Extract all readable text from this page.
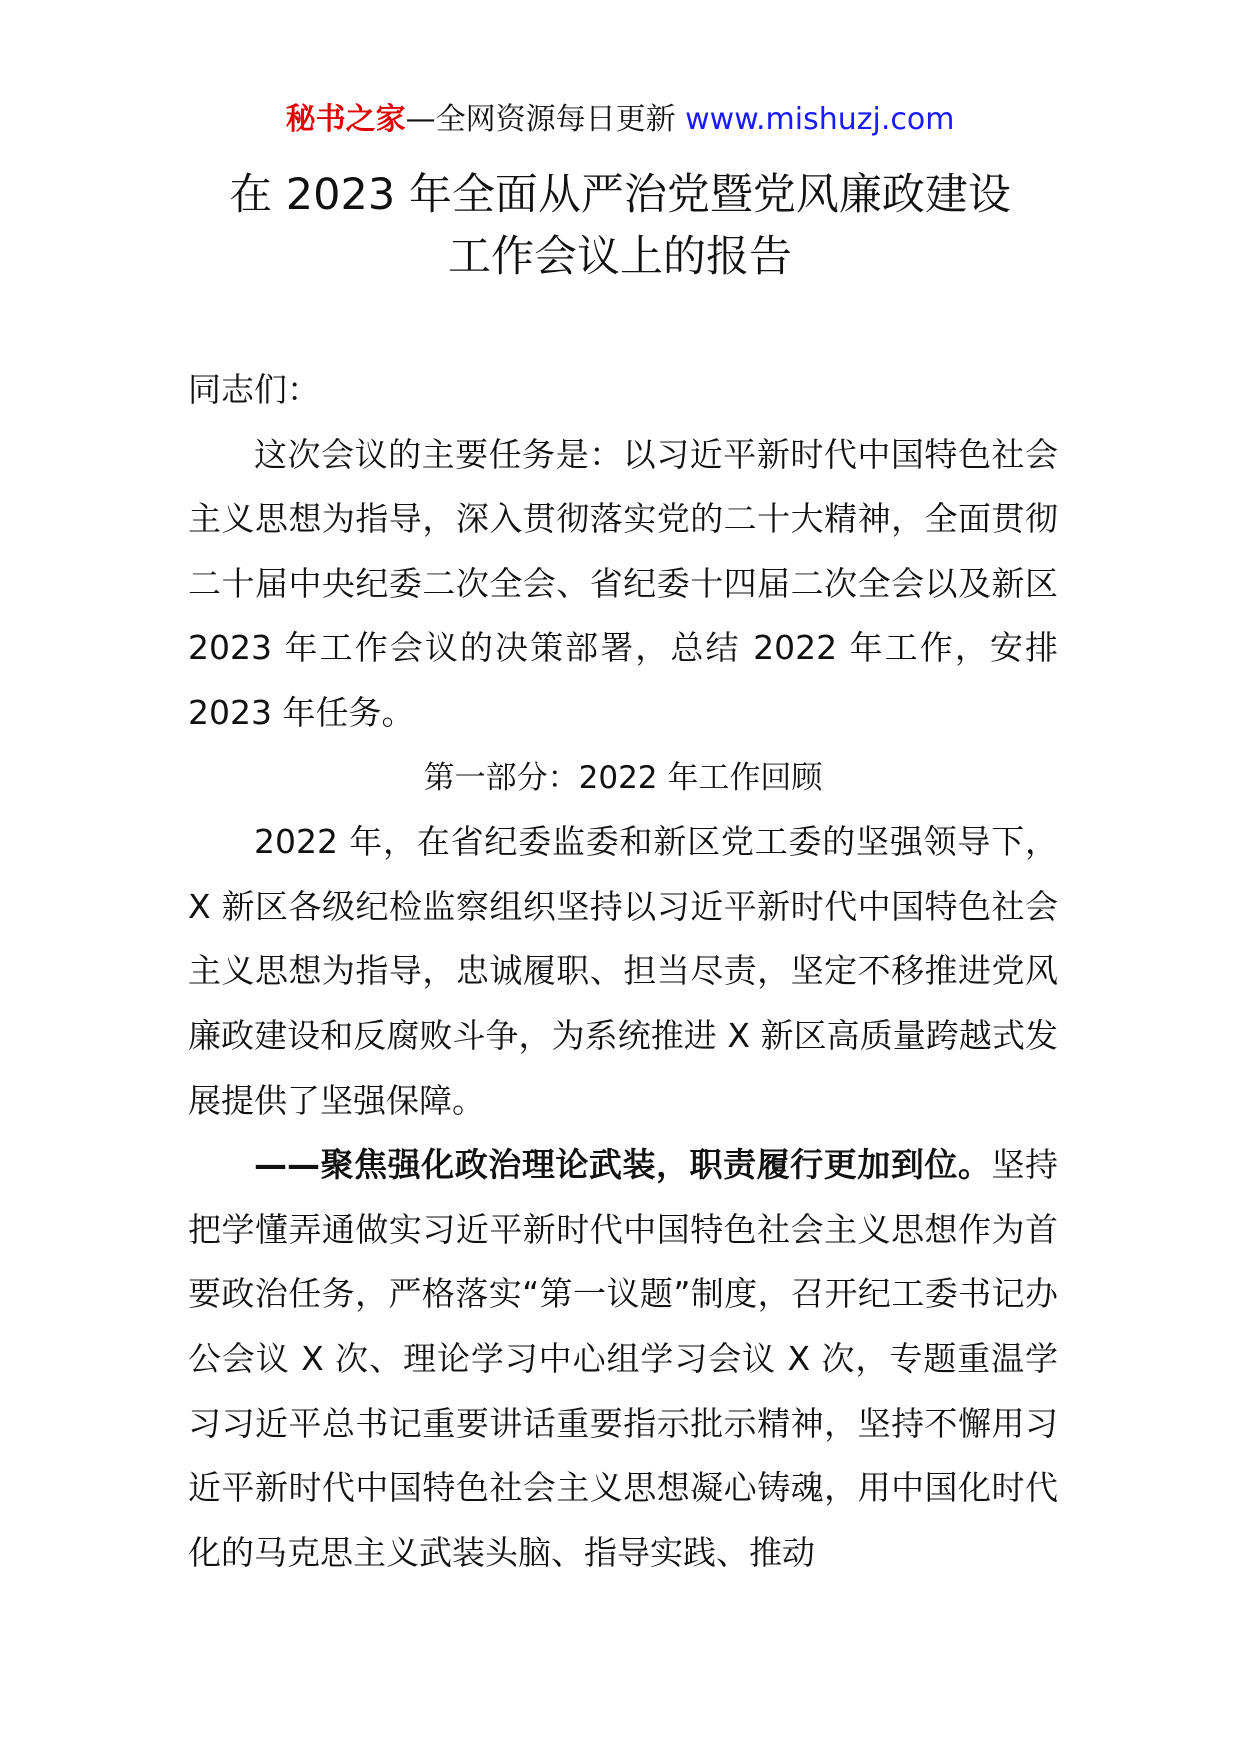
秘书之家—全网资源每日更新 www.mishuzj.com
在 2023 年全面从严治党暨党风廉政建设
工作会议上的报告

同志们：

这次会议的主要任务是：以习近平新时代中国特色社会主义思想为指导，深入贯彻落实党的二十大精神，全面贯彻二十届中央纪委二次全会、省纪委十四届二次全会以及新区 2023 年工作会议的决策部署，总结 2022 年工作，安排 2023 年任务。

第一部分：2022 年工作回顾

2022 年，在省纪委监委和新区党工委的坚强领导下，X 新区各级纪检监察组织坚持以习近平新时代中国特色社会主义思想为指导，忠诚履职、担当尽责，坚定不移推进党风廉政建设和反腐败斗争，为系统推进 X 新区高质量跨越式发展提供了坚强保障。

——聚焦强化政治理论武装，职责履行更加到位。坚持把学懂弄通做实习近平新时代中国特色社会主义思想作为首要政治任务，严格落实“第一议题”制度，召开纪工委书记办公会议 X 次、理论学习中心组学习会议 X 次，专题重温学习习近平总书记重要讲话重要指示批示精神，坚持不懈用习近平新时代中国特色社会主义思想凝心铸魂，用中国化时代化的马克思主义武装头脑、指导实践、推动
